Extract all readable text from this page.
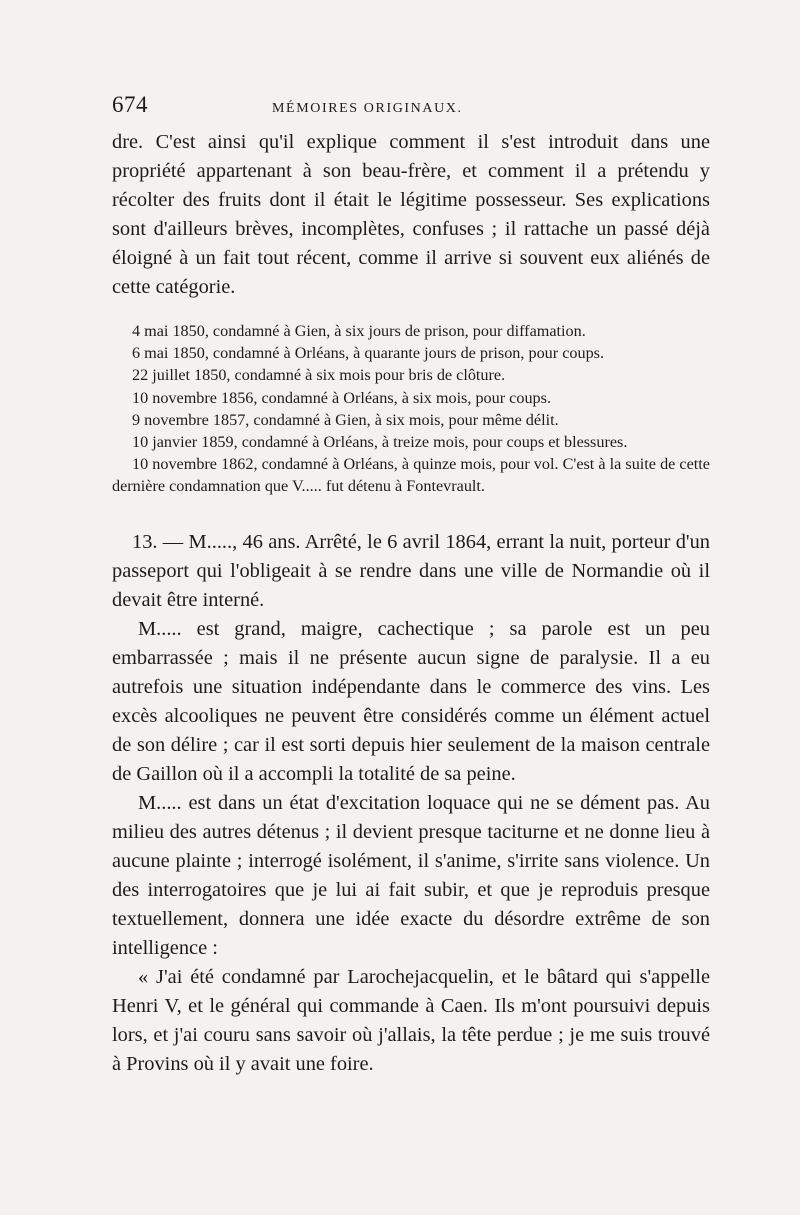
674	MÉMOIRES ORIGINAUX.

dre. C'est ainsi qu'il explique comment il s'est introduit dans une propriété appartenant à son beau-frère, et comment il a prétendu y récolter des fruits dont il était le légitime possesseur. Ses explications sont d'ailleurs brèves, incomplètes, confuses ; il rattache un passé déjà éloigné à un fait tout récent, comme il arrive si souvent eux aliénés de cette catégorie.

4 mai 1850, condamné à Gien, à six jours de prison, pour diffamation.

6 mai 1850, condamné à Orléans, à quarante jours de prison, pour coups.

22 juillet 1850, condamné à six mois pour bris de clôture.

10 novembre 1856, condamné à Orléans, à six mois, pour coups.

9 novembre 1857, condamné à Gien, à six mois, pour même délit.

10 janvier 1859, condamné à Orléans, à treize mois, pour coups et blessures.

10 novembre 1862, condamné à Orléans, à quinze mois, pour vol. C'est à la suite de cette dernière condamnation que V..... fut détenu à Fontevrault.

13. — M....., 46 ans. Arrêté, le 6 avril 1864, errant la nuit, porteur d'un passeport qui l'obligeait à se rendre dans une ville de Normandie où il devait être interné.

M..... est grand, maigre, cachectique ; sa parole est un peu embarrassée ; mais il ne présente aucun signe de paralysie. Il a eu autrefois une situation indépendante dans le commerce des vins. Les excès alcooliques ne peuvent être considérés comme un élément actuel de son délire ; car il est sorti depuis hier seulement de la maison centrale de Gaillon où il a accompli la totalité de sa peine.

M..... est dans un état d'excitation loquace qui ne se dément pas. Au milieu des autres détenus ; il devient presque taciturne et ne donne lieu à aucune plainte ; interrogé isolément, il s'anime, s'irrite sans violence. Un des interrogatoires que je lui ai fait subir, et que je reproduis presque textuellement, donnera une idée exacte du désordre extrême de son intelligence :

« J'ai été condamné par Larochejacquelin, et le bâtard qui s'appelle Henri V, et le général qui commande à Caen. Ils m'ont poursuivi depuis lors, et j'ai couru sans savoir où j'allais, la tête perdue ; je me suis trouvé à Provins où il y avait une foire.
